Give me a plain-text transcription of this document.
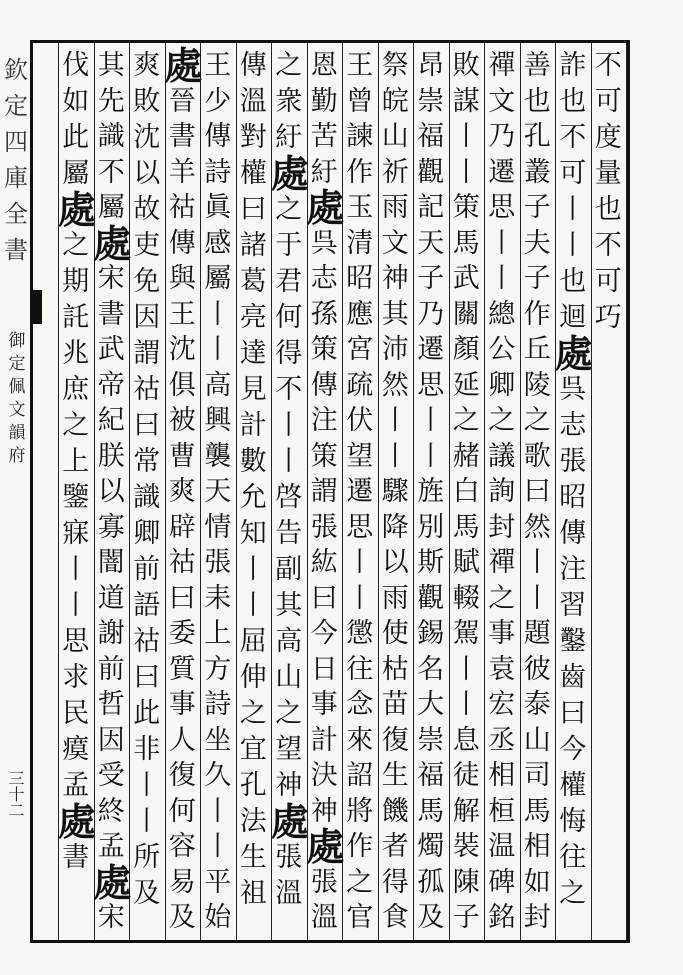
欽
定
四
庫
全
書
御
定
佩
文
韻
府
三十二
不
可
度
量
也
不
可
巧
詐
也
不
可
丨
丨
也
迴
處
呉
志
張
昭
傳
注
習
鑿
齒
曰
今
權
悔
往
之
善
也
孔
叢
子
夫
子
作
丘
陵
之
歌
曰
然
丨
丨
題
彼
泰
山
司
馬
相
如
封
禪
文
乃
遷
思
丨
丨
總
公
卿
之
議
詢
封
禪
之
事
袁
宏
丞
相
桓
温
碑
銘
敗
謀
丨
丨
策
馬
武
關
顏
延
之
赭
白
馬
賦
輟
駕
丨
丨
息
徒
解
裝
陳
子
昂
崇
福
觀
記
天
子
乃
遷
思
丨
丨
旌
別
斯
觀
錫
名
大
崇
福
馬
燭
孤
及
祭
皖
山
祈
雨
文
神
其
沛
然
丨
丨
驟
降
以
雨
使
枯
苗
復
生
饑
者
得
食
王
曾
諫
作
玉
清
昭
應
宮
疏
伏
望
遷
思
丨
丨
懲
往
念
來
詔
將
作
之
官
恩
勤
苦
紆
處
呉
志
孫
策
傳
注
策
謂
張
紘
曰
今
日
事
計
決
神
處
張
溫
之
衆
紆
處
之
于
君
何
得
不
丨
丨
啓
告
副
其
高
山
之
望
神
處
張
溫
傳
溫
對
權
曰
諸
葛
亮
達
見
計
數
允
知
丨
丨
屈
伸
之
宜
孔
法
生
祖
王
少
傳
詩
眞
感
屬
丨
丨
高
興
襲
天
情
張
耒
上
方
詩
坐
久
丨
丨
平
始
處
晉
書
羊
祜
傳
與
王
沈
俱
被
曹
爽
辟
祜
曰
委
質
事
人
復
何
容
易
及
爽
敗
沈
以
故
吏
免
因
謂
祜
曰
常
識
卿
前
語
祜
曰
此
非
丨
丨
所
及
其
先
識
不
屬
處
宋
書
武
帝
紀
朕
以
寡
闇
道
謝
前
哲
因
受
終
孟
處
宋
伐
如
此
屬
處
之
期
託
兆
庶
之
上
鑒
寐
丨
丨
思
求
民
瘼
孟
處
書
